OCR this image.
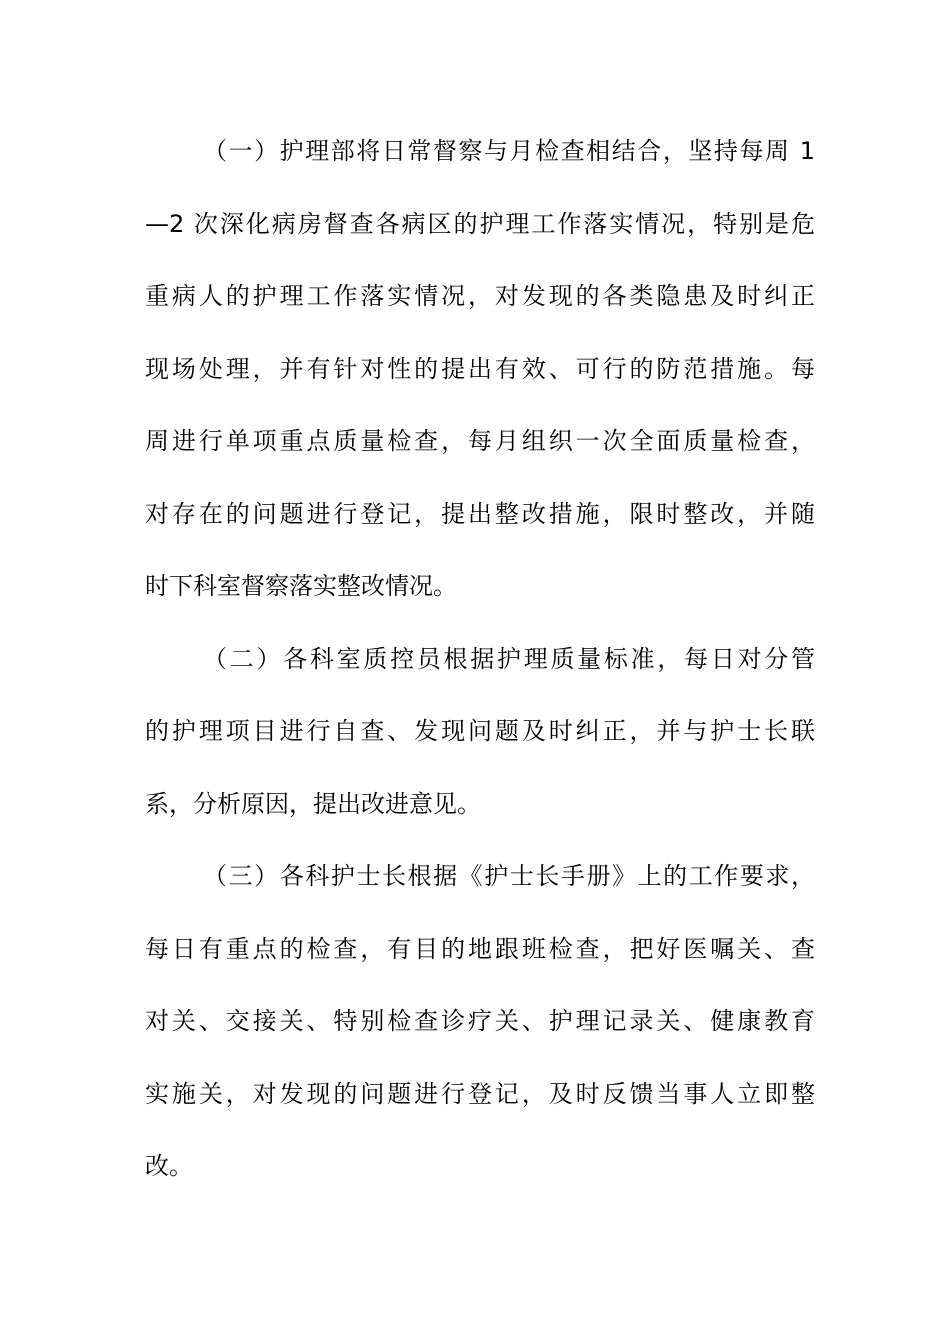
（一）护理部将日常督察与月检查相结合，坚持每周 1
—2 次深化病房督查各病区的护理工作落实情况，特别是危
重病人的护理工作落实情况，对发现的各类隐患及时纠正
现场处理，并有针对性的提出有效、可行的防范措施。每
周进行单项重点质量检查，每月组织一次全面质量检查，
对存在的问题进行登记，提出整改措施，限时整改，并随
时下科室督察落实整改情况。
（二）各科室质控员根据护理质量标准，每日对分管
的护理项目进行自查、发现问题及时纠正，并与护士长联
系，分析原因，提出改进意见。
（三）各科护士长根据《护士长手册》上的工作要求，
每日有重点的检查，有目的地跟班检查，把好医嘱关、查
对关、交接关、特别检查诊疗关、护理记录关、健康教育
实施关，对发现的问题进行登记，及时反馈当事人立即整
改。
